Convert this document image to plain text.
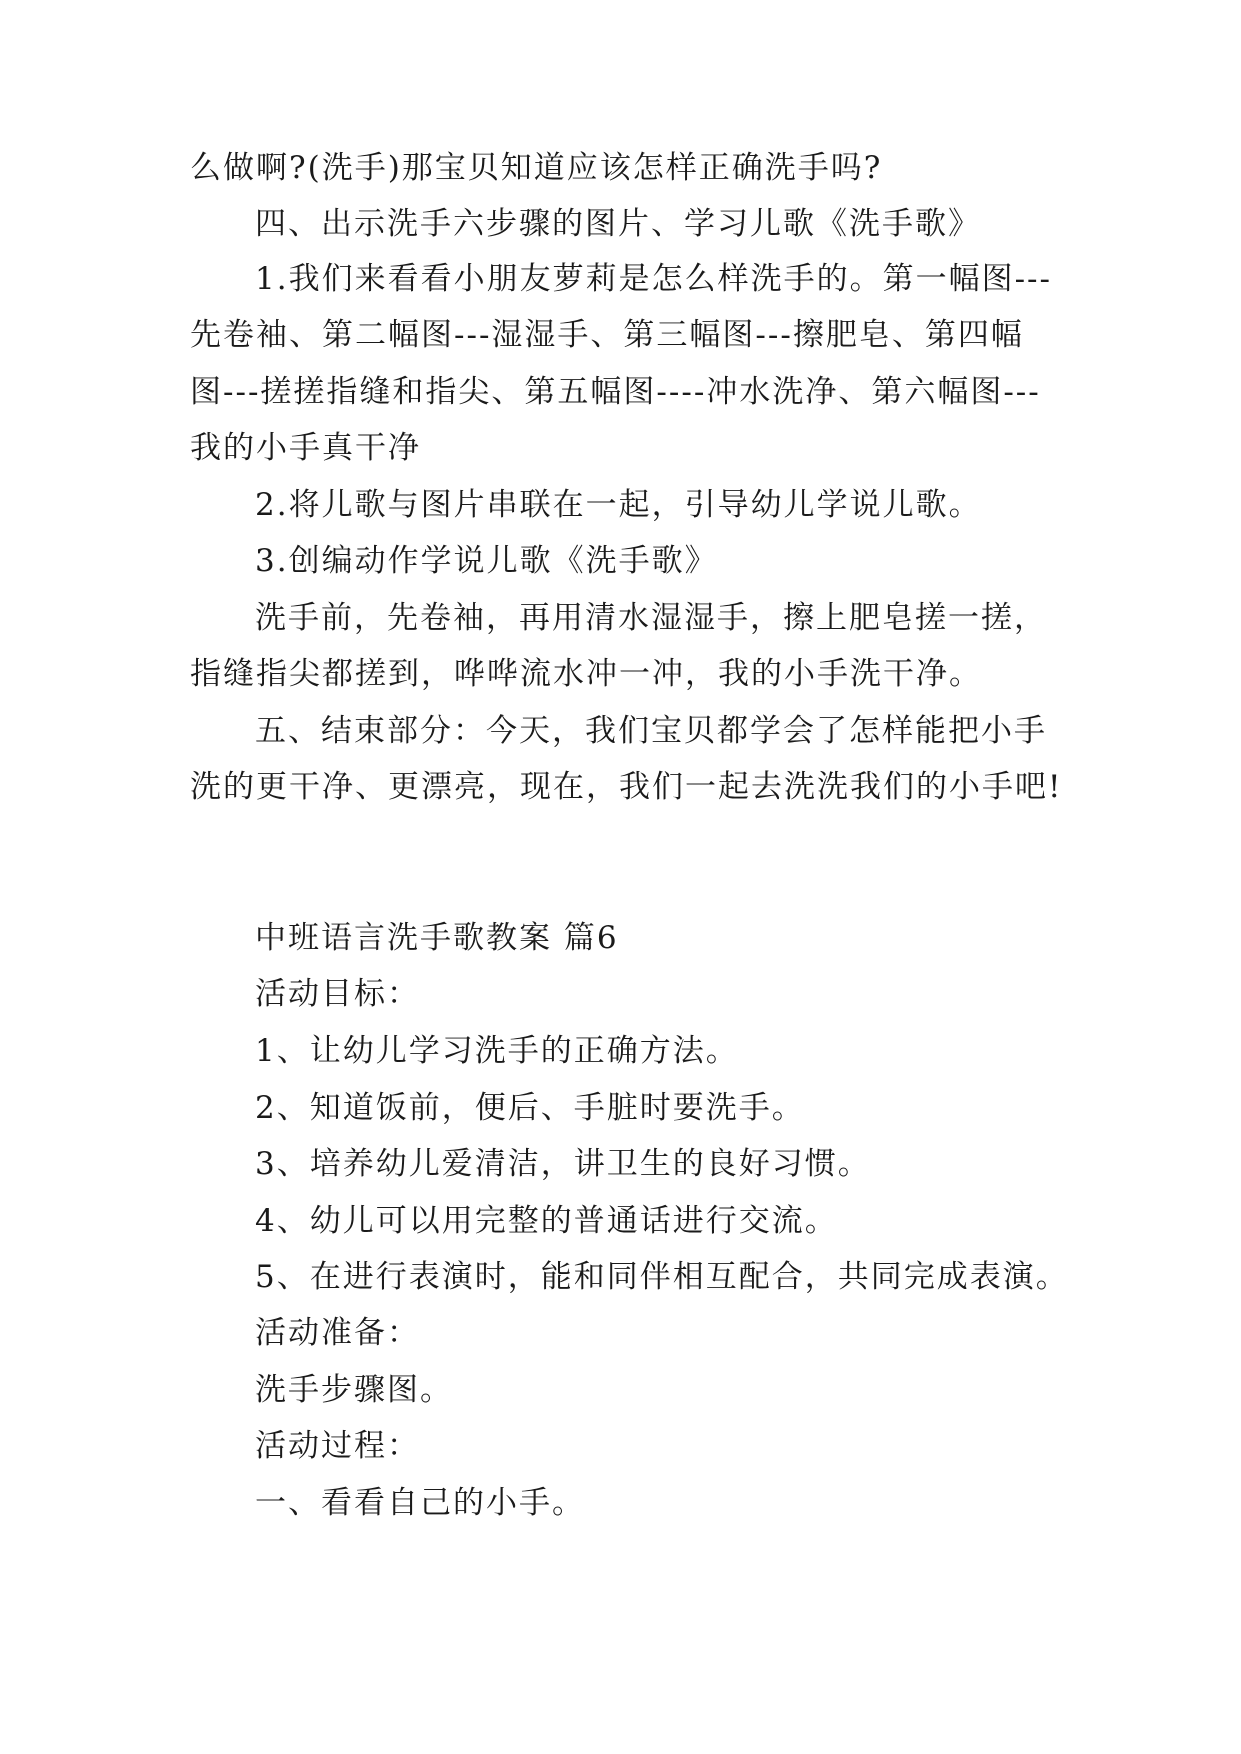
么做啊?(洗手)那宝贝知道应该怎样正确洗手吗?
四、出示洗手六步骤的图片、学习儿歌《洗手歌》
1.我们来看看小朋友萝莉是怎么样洗手的。第一幅图---
先卷袖、第二幅图---湿湿手、第三幅图---擦肥皂、第四幅
图---搓搓指缝和指尖、第五幅图----冲水洗净、第六幅图---
我的小手真干净
2.将儿歌与图片串联在一起，引导幼儿学说儿歌。
3.创编动作学说儿歌《洗手歌》
洗手前，先卷袖，再用清水湿湿手，擦上肥皂搓一搓，
指缝指尖都搓到，哗哗流水冲一冲，我的小手洗干净。
五、结束部分：今天，我们宝贝都学会了怎样能把小手
洗的更干净、更漂亮，现在，我们一起去洗洗我们的小手吧!
中班语言洗手歌教案 篇6
活动目标：
1、让幼儿学习洗手的正确方法。
2、知道饭前，便后、手脏时要洗手。
3、培养幼儿爱清洁，讲卫生的良好习惯。
4、幼儿可以用完整的普通话进行交流。
5、在进行表演时，能和同伴相互配合，共同完成表演。
活动准备：
洗手步骤图。
活动过程：
一、看看自己的小手。
